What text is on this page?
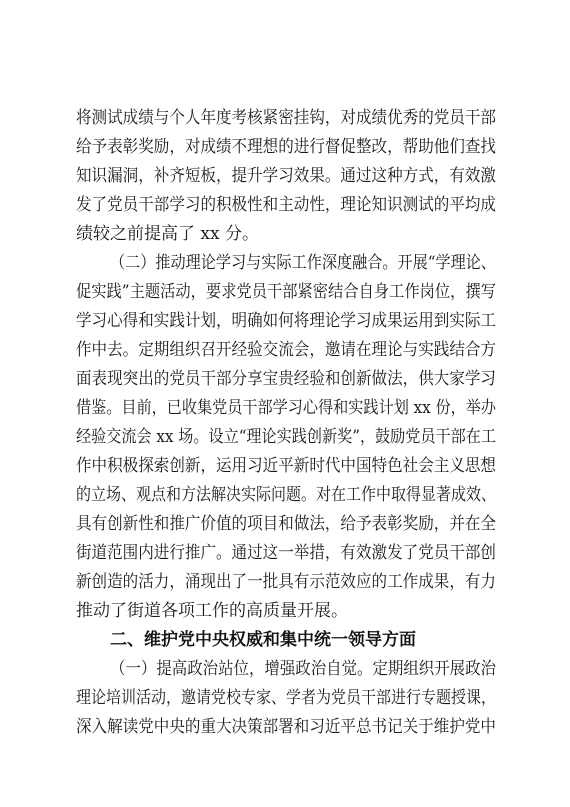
将测试成绩与个人年度考核紧密挂钩，对成绩优秀的党员干部
给予表彰奖励，对成绩不理想的进行督促整改，帮助他们查找
知识漏洞，补齐短板，提升学习效果。通过这种方式，有效激
发了党员干部学习的积极性和主动性，理论知识测试的平均成
绩较之前提高了 xx 分。
（二）推动理论学习与实际工作深度融合。开展“学理论、
促实践”主题活动，要求党员干部紧密结合自身工作岗位，撰写
学习心得和实践计划，明确如何将理论学习成果运用到实际工
作中去。定期组织召开经验交流会，邀请在理论与实践结合方
面表现突出的党员干部分享宝贵经验和创新做法，供大家学习
借鉴。目前，已收集党员干部学习心得和实践计划 xx 份，举办
经验交流会 xx 场。设立“理论实践创新奖”，鼓励党员干部在工
作中积极探索创新，运用习近平新时代中国特色社会主义思想
的立场、观点和方法解决实际问题。对在工作中取得显著成效、
具有创新性和推广价值的项目和做法，给予表彰奖励，并在全
街道范围内进行推广。通过这一举措，有效激发了党员干部创
新创造的活力，涌现出了一批具有示范效应的工作成果，有力
推动了街道各项工作的高质量开展。
二、维护党中央权威和集中统一领导方面
（一）提高政治站位，增强政治自觉。定期组织开展政治
理论培训活动，邀请党校专家、学者为党员干部进行专题授课，
深入解读党中央的重大决策部署和习近平总书记关于维护党中
